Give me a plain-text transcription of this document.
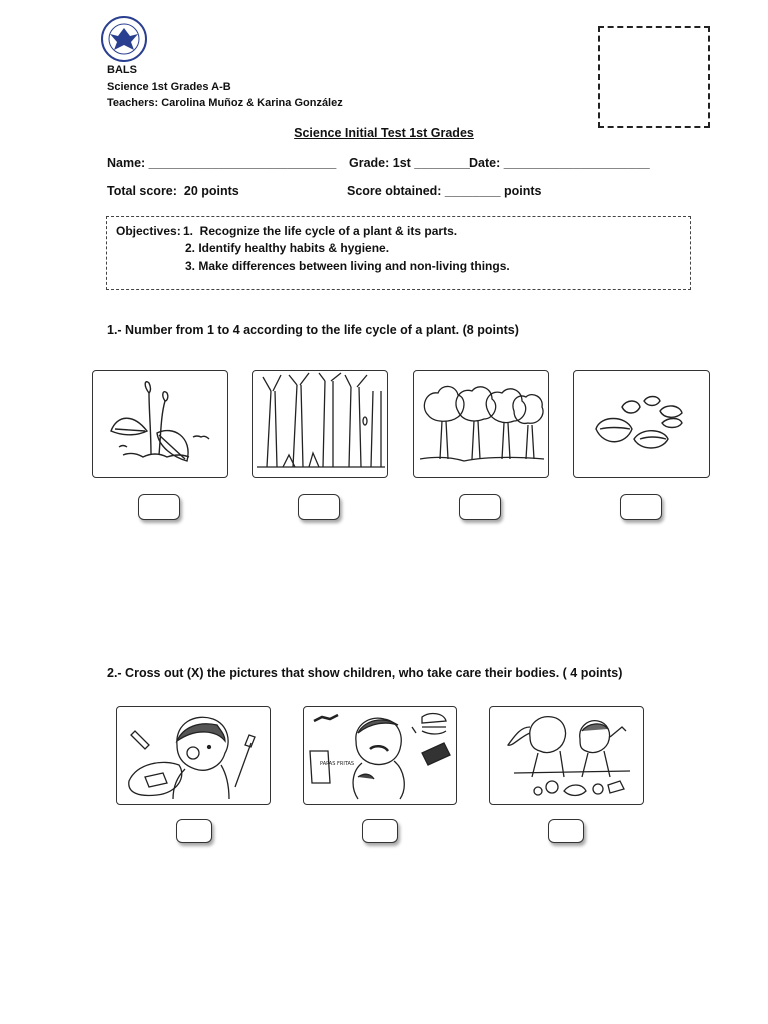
BALS
Science 1st Grades A-B
Teachers: Carolina Muñoz & Karina González
Science Initial Test 1st Grades
Name: ___________________________ Grade: 1st ________ Date: _____________________
Total score:  20 points	Score obtained: ________ points
Objectives: 1.  Recognize the life cycle of a plant & its parts.
2. Identify healthy habits & hygiene.
3. Make differences between living and non-living things.
1.- Number from 1 to 4 according to the life cycle of a plant. (8 points)
2.- Cross out (X) the pictures that show children, who take care their bodies. ( 4 points)
PAPAS FRITAS
